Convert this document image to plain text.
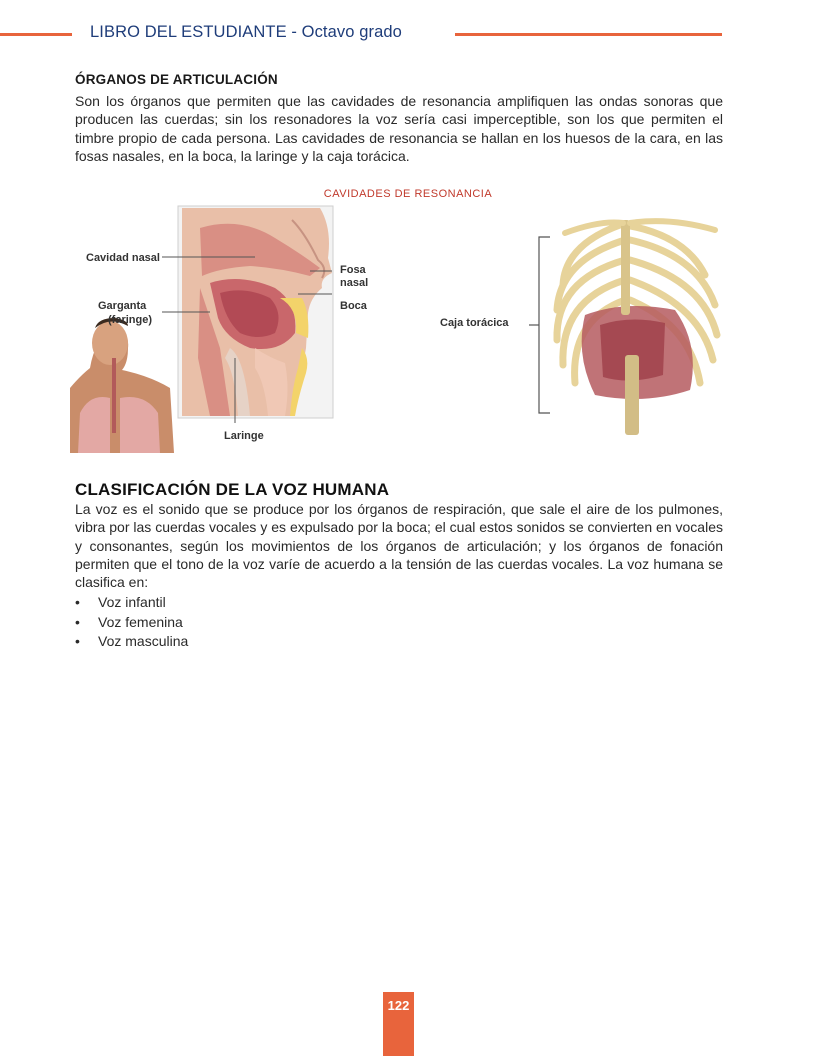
LIBRO DEL ESTUDIANTE - Octavo grado
ÓRGANOS DE ARTICULACIÓN

Son los órganos que permiten que las cavidades de resonancia amplifiquen las ondas sonoras que producen las cuerdas; sin los resonadores la voz sería casi imperceptible, son los que permiten el timbre propio de cada persona. Las cavidades de resonancia se hallan en los huesos de la cara, en las fosas nasales, en la boca, la laringe y la caja torácica.

CAVIDADES DE RESONANCIA
Cavidad nasal
Garganta
(faringe)
Fosa
nasal
Boca
Laringe
Caja torácica
CLASIFICACIÓN DE LA VOZ HUMANA

La voz es el sonido que se produce por los órganos de respiración, que sale el aire de los pulmones, vibra por las cuerdas vocales y es expulsado por la boca; el cual estos sonidos se convierten en vocales y consonantes, según los movimientos de los órganos de articulación; y los órganos de fonación permiten que el tono de la voz varíe de acuerdo a la tensión de las cuerdas vocales. La voz humana se clasifica en:

• Voz infantil
• Voz femenina
• Voz masculina
122
